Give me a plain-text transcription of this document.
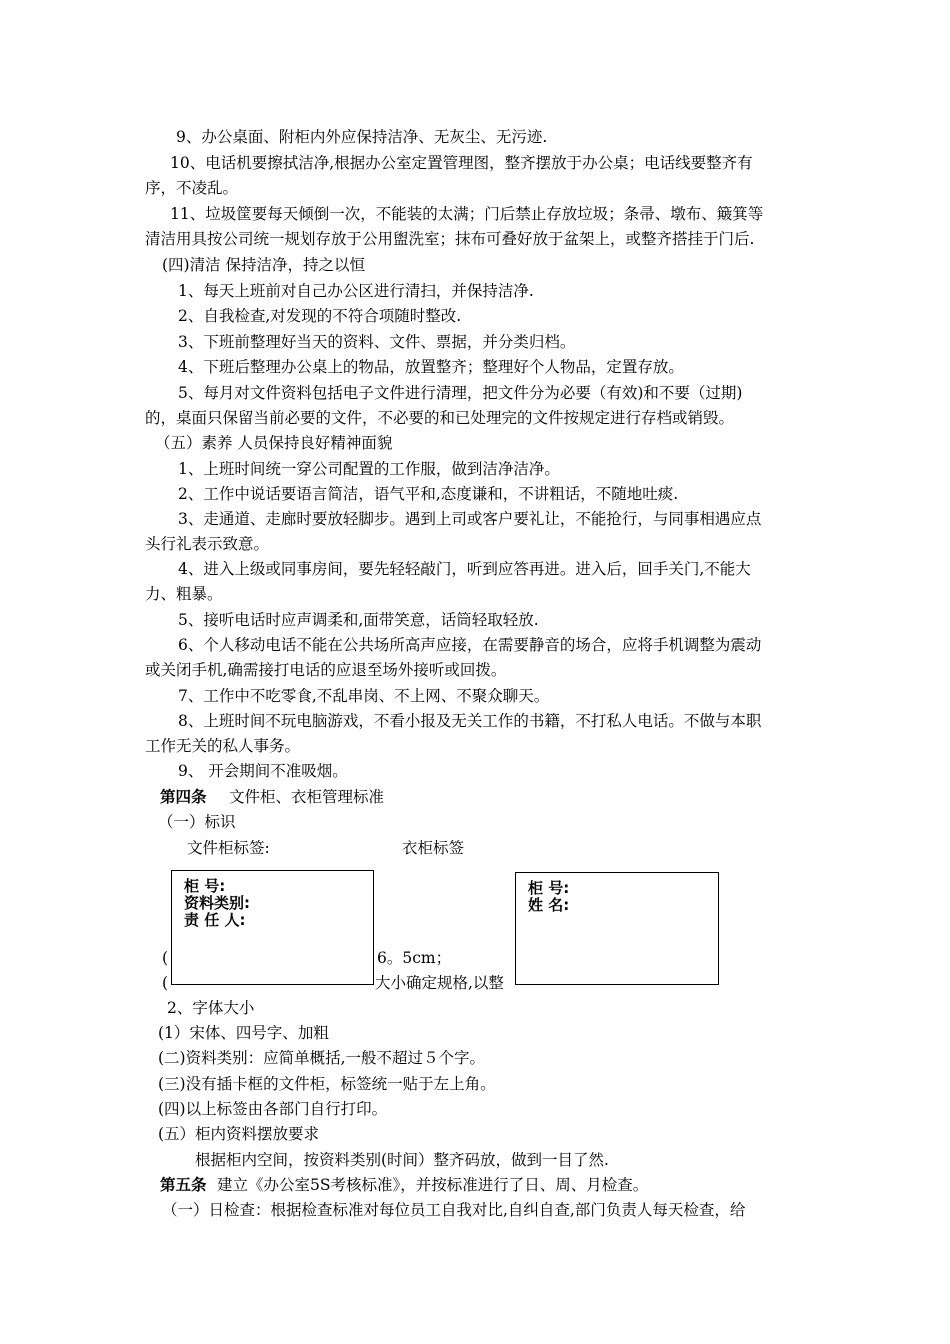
9、办公桌面、附柜内外应保持洁净、无灰尘、无污迹.
10、电话机要擦拭洁净,根据办公室定置管理图，整齐摆放于办公桌；电话线要整齐有
序，不凌乱。
11、垃圾筐要每天倾倒一次，不能装的太满；门后禁止存放垃圾；条帚、墩布、簸箕等
清洁用具按公司统一规划存放于公用盥洗室；抹布可叠好放于盆架上，或整齐搭挂于门后.
(四)清洁 保持洁净，持之以恒
1、每天上班前对自己办公区进行清扫，并保持洁净.
2、自我检查,对发现的不符合项随时整改.
3、下班前整理好当天的资料、文件、票据，并分类归档。
4、下班后整理办公桌上的物品，放置整齐；整理好个人物品，定置存放。
5、每月对文件资料包括电子文件进行清理，把文件分为必要（有效)和不要（过期)
的，桌面只保留当前必要的文件，不必要的和已处理完的文件按规定进行存档或销毁。
（五）素养 人员保持良好精神面貌
1、上班时间统一穿公司配置的工作服，做到洁净洁净。
2、工作中说话要语言简洁，语气平和,态度谦和，不讲粗话，不随地吐痰.
3、走通道、走廊时要放轻脚步。遇到上司或客户要礼让，不能抢行，与同事相遇应点
头行礼表示致意。
4、进入上级或同事房间，要先轻轻敲门，听到应答再进。进入后，回手关门,不能大
力、粗暴。
5、接听电话时应声调柔和,面带笑意，话筒轻取轻放.
6、个人移动电话不能在公共场所高声应接，在需要静音的场合，应将手机调整为震动
或关闭手机,确需接打电话的应退至场外接听或回拨。
7、工作中不吃零食,不乱串岗、不上网、不聚众聊天。
8、上班时间不玩电脑游戏，不看小报及无关工作的书籍，不打私人电话。不做与本职
工作无关的私人事务。
9、 开会期间不准吸烟。
第四条 文件柜、衣柜管理标准
（一）标识
文件柜标签:	衣柜标签
(	6。5cm；
(	大小确定规格,以整
柜 号:
资料类别:
责 任 人:
柜 号:
姓 名:
2、字体大小
(1）宋体、四号字、加粗
(二)资料类别：应简单概括,一般不超过５个字。
(三)没有插卡框的文件柜，标签统一贴于左上角。
(四)以上标签由各部门自行打印。
(五）柜内资料摆放要求
根据柜内空间，按资料类别(时间）整齐码放，做到一目了然.
第五条 建立《办公室5S考核标准》，并按标准进行了日、周、月检查。
（一）日检查：根据检查标准对每位员工自我对比,自纠自查,部门负责人每天检查，给
